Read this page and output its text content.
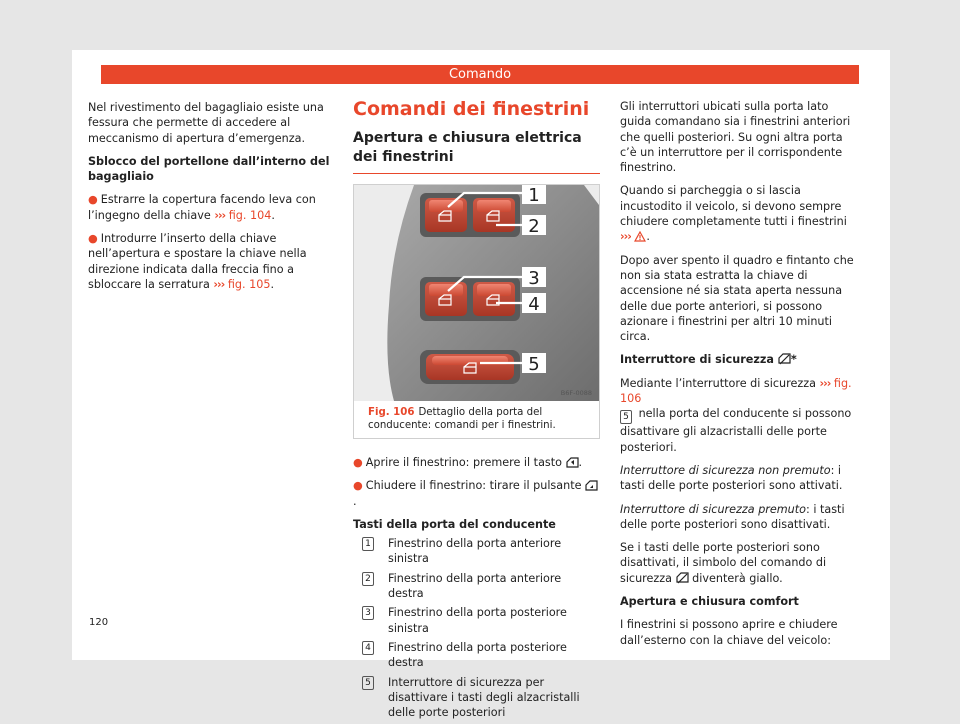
Comando

Nel rivestimento del bagagliaio esiste una fessura che permette di accedere al meccanismo di apertura d’emergenza.

Sblocco del portellone dall’interno del bagagliaio

● Estrarre la copertura facendo leva con l’ingegno della chiave ››› fig. 104.

● Introdurre l’inserto della chiave nell’apertura e spostare la chiave nella direzione indicata dalla freccia fino a sbloccare la serratura ››› fig. 105.

Comandi dei finestrini
Apertura e chiusura elettrica dei finestrini
1
2
3
4
5
B6F-0088
Fig. 106 Dettaglio della porta del conducente: comandi per i finestrini.

● Aprire il finestrino: premere il tasto .

● Chiudere il finestrino: tirare il pulsante .

Tasti della porta del conducente

1 Finestrino della porta anteriore sinistra
2 Finestrino della porta anteriore destra
3 Finestrino della porta posteriore sinistra
4 Finestrino della porta posteriore destra
5 Interruttore di sicurezza per disattivare i tasti degli alzacristalli delle porte posteriori

Gli interruttori ubicati sulla porta lato guida comandano sia i finestrini anteriori che quelli posteriori. Su ogni altra porta c’è un interruttore per il corrispondente finestrino.

Quando si parcheggia o si lascia incustodito il veicolo, si devono sempre chiudere completamente tutti i finestrini ››› .

Dopo aver spento il quadro e fintanto che non sia stata estratta la chiave di accensione né sia stata aperta nessuna delle due porte anteriori, si possono azionare i finestrini per altri 10 minuti circa.

Interruttore di sicurezza *

Mediante l’interruttore di sicurezza ››› fig. 106
5 nella porta del conducente si possono disattivare gli alzacristalli delle porte posteriori.

Interruttore di sicurezza non premuto: i tasti delle porte posteriori sono attivati.

Interruttore di sicurezza premuto: i tasti delle porte posteriori sono disattivati.

Se i tasti delle porte posteriori sono disattivati, il simbolo del comando di sicurezza diventerà giallo.

Apertura e chiusura comfort

I finestrini si possono aprire e chiudere dall’esterno con la chiave del veicolo:

120
